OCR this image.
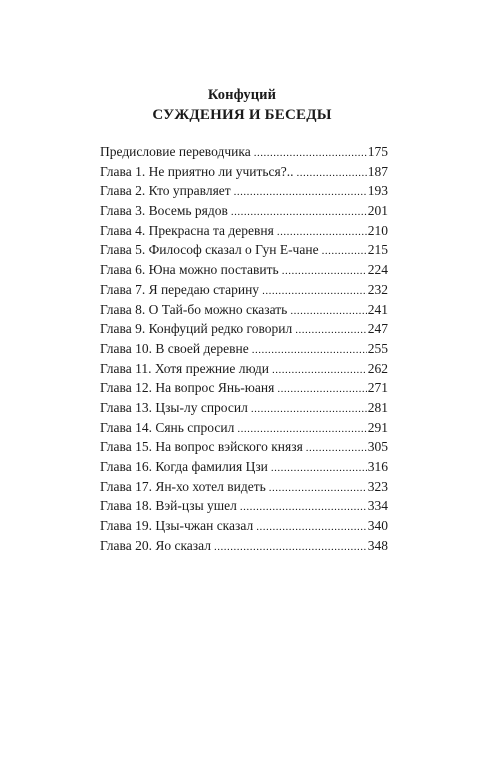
Конфуций
СУЖДЕНИЯ И БЕСЕДЫ
Предисловие переводчика .....	175
Глава 1. Не приятно ли учиться?.. .....	187
Глава 2. Кто управляет .....	193
Глава 3. Восемь рядов .....	201
Глава 4. Прекрасна та деревня .....	210
Глава 5. Философ сказал о Гун Е-чане .....	215
Глава 6. Юна можно поставить .....	224
Глава 7. Я передаю старину .....	232
Глава 8. О Тай-бо можно сказать .....	241
Глава 9. Конфуций редко говорил .....	247
Глава 10. В своей деревне .....	255
Глава 11. Хотя прежние люди .....	262
Глава 12. На вопрос Янь-юаня .....	271
Глава 13. Цзы-лу спросил .....	281
Глава 14. Сянь спросил .....	291
Глава 15. На вопрос вэйского князя .....	305
Глава 16. Когда фамилия Цзи .....	316
Глава 17. Ян-хо хотел видеть .....	323
Глава 18. Вэй-цзы ушел .....	334
Глава 19. Цзы-чжан сказал .....	340
Глава 20. Яо сказал .....	348
